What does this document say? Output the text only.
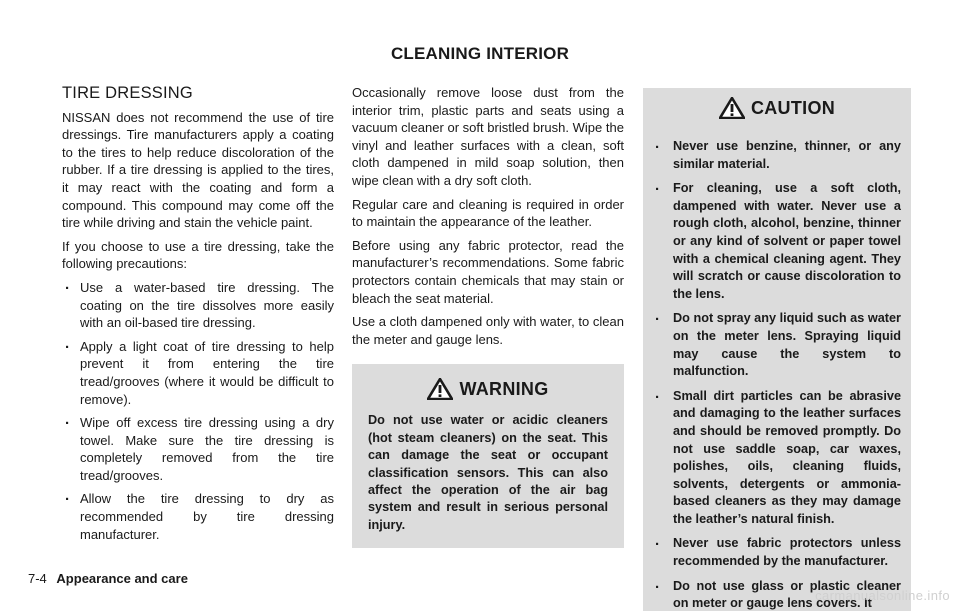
CLEANING INTERIOR
TIRE DRESSING

NISSAN does not recommend the use of tire dressings. Tire manufacturers apply a coating to the tires to help reduce discoloration of the rubber. If a tire dressing is applied to the tires, it may react with the coating and form a compound. This compound may come off the tire while driving and stain the vehicle paint.

If you choose to use a tire dressing, take the following precautions:

. Use a water-based tire dressing. The coating on the tire dissolves more easily with an oil-based tire dressing.
. Apply a light coat of tire dressing to help prevent it from entering the tire tread/grooves (where it would be difficult to remove).
. Wipe off excess tire dressing using a dry towel. Make sure the tire dressing is completely removed from the tire tread/grooves.
. Allow the tire dressing to dry as recommended by tire dressing manufacturer.

Occasionally remove loose dust from the interior trim, plastic parts and seats using a vacuum cleaner or soft bristled brush. Wipe the vinyl and leather surfaces with a clean, soft cloth dampened in mild soap solution, then wipe clean with a dry soft cloth.

Regular care and cleaning is required in order to maintain the appearance of the leather.

Before using any fabric protector, read the manufacturer’s recommendations. Some fabric protectors contain chemicals that may stain or bleach the seat material.

Use a cloth dampened only with water, to clean the meter and gauge lens.

WARNING
Do not use water or acidic cleaners (hot steam cleaners) on the seat. This can damage the seat or occupant classification sensors. This can also affect the operation of the air bag system and result in serious personal injury.
CAUTION
. Never use benzine, thinner, or any similar material.
. For cleaning, use a soft cloth, dampened with water. Never use a rough cloth, alcohol, benzine, thinner or any kind of solvent or paper towel with a chemical cleaning agent. They will scratch or cause discoloration to the lens.
. Do not spray any liquid such as water on the meter lens. Spraying liquid may cause the system to malfunction.
. Small dirt particles can be abrasive and damaging to the leather surfaces and should be removed promptly. Do not use saddle soap, car waxes, polishes, oils, cleaning fluids, solvents, detergents or ammonia-based cleaners as they may damage the leather’s natural finish.
. Never use fabric protectors unless recommended by the manufacturer.
. Do not use glass or plastic cleaner on meter or gauge lens covers. It
7-4 Appearance and care
carmanualsonline.info
